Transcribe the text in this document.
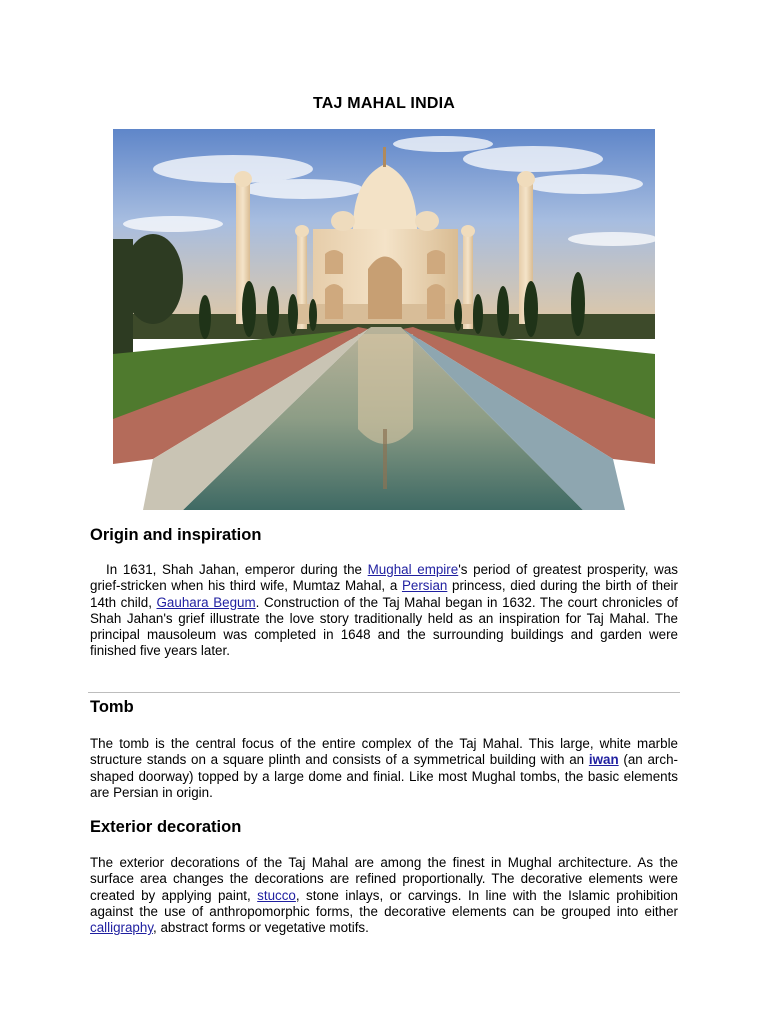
TAJ MAHAL INDIA
Origin and inspiration

In 1631, Shah Jahan, emperor during the Mughal empire's period of greatest prosperity, was grief-stricken when his third wife, Mumtaz Mahal, a Persian princess, died during the birth of their 14th child, Gauhara Begum. Construction of the Taj Mahal began in 1632. The court chronicles of Shah Jahan's grief illustrate the love story traditionally held as an inspiration for Taj Mahal. The principal mausoleum was completed in 1648 and the surrounding buildings and garden were finished five years later.

Tomb

The tomb is the central focus of the entire complex of the Taj Mahal. This large, white marble structure stands on a square plinth and consists of a symmetrical building with an iwan (an arch-shaped doorway) topped by a large dome and finial. Like most Mughal tombs, the basic elements are Persian in origin.

Exterior decoration

The exterior decorations of the Taj Mahal are among the finest in Mughal architecture. As the surface area changes the decorations are refined proportionally. The decorative elements were created by applying paint, stucco, stone inlays, or carvings. In line with the Islamic prohibition against the use of anthropomorphic forms, the decorative elements can be grouped into either calligraphy, abstract forms or vegetative motifs.
